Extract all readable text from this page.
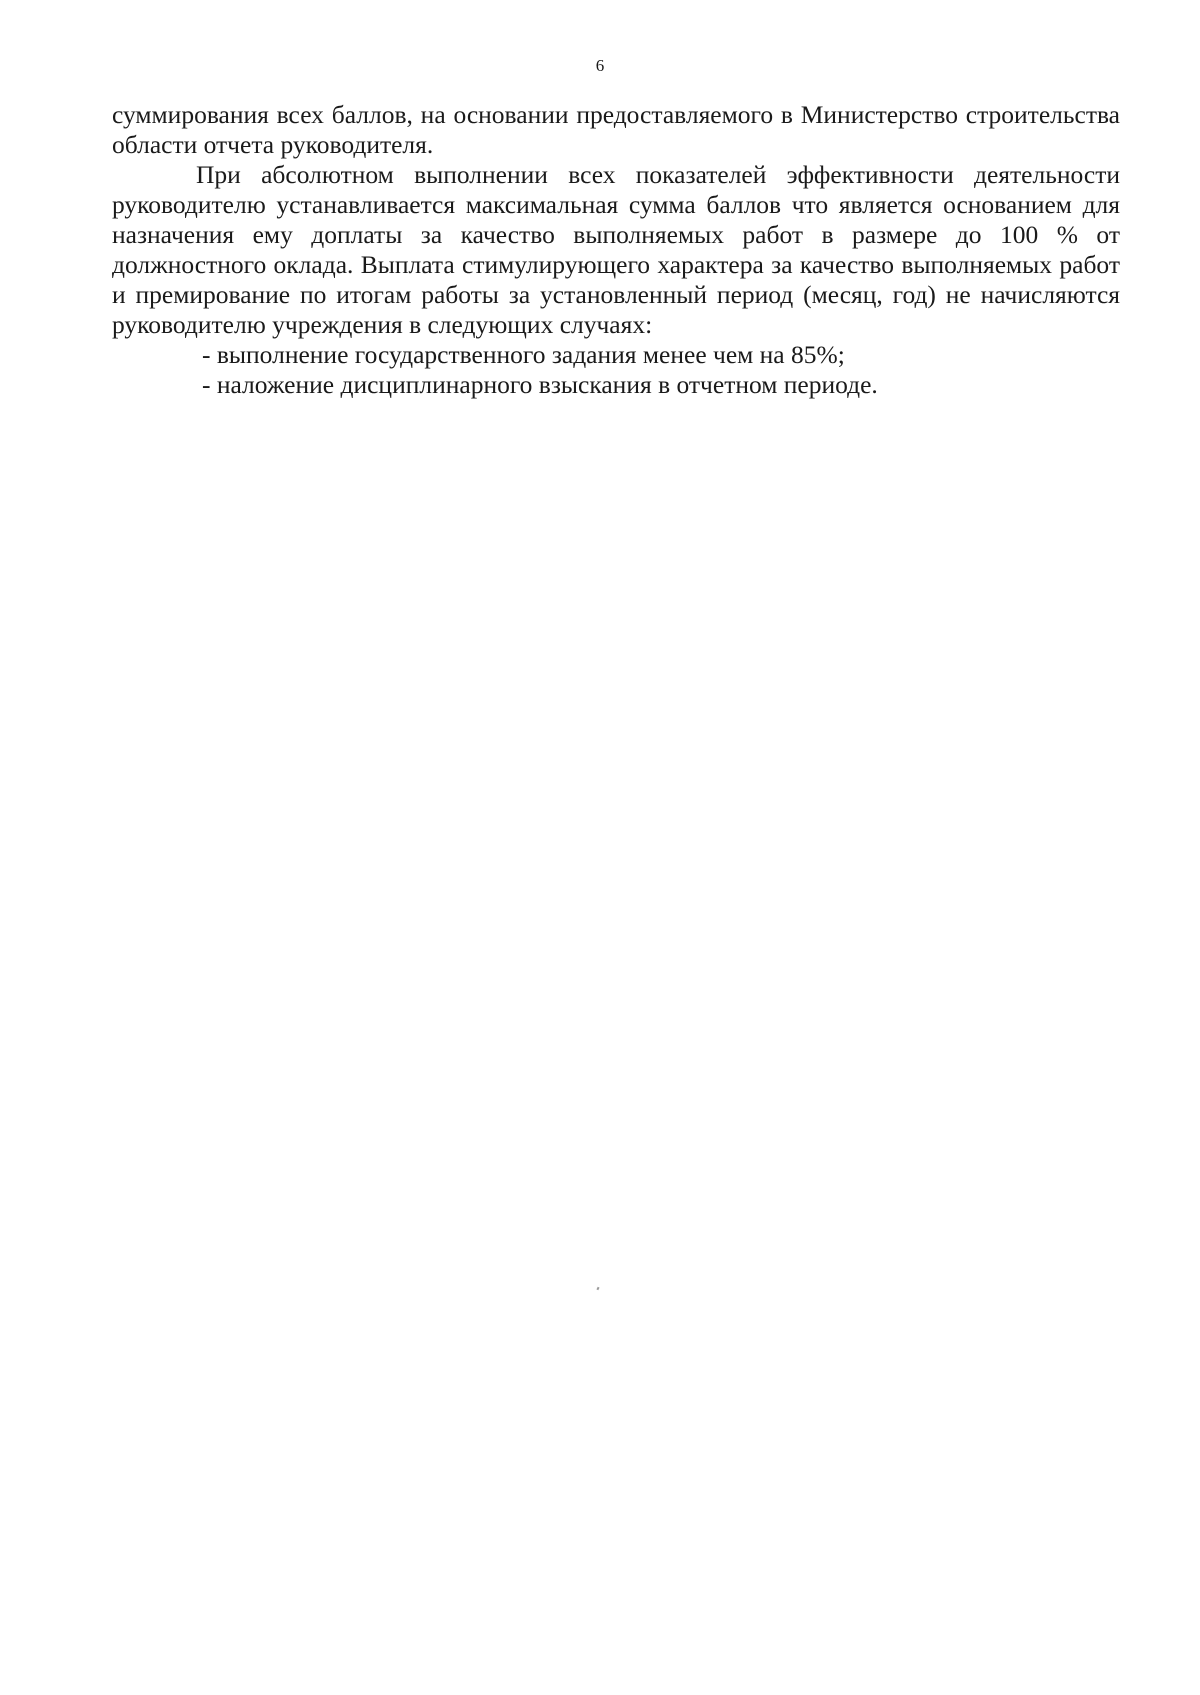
6

суммирования всех баллов, на основании предоставляемого в Министерство строительства области отчета руководителя.

При абсолютном выполнении всех показателей эффективности деятельности руководителю устанавливается максимальная сумма баллов что является основанием для назначения ему доплаты за качество выполняемых работ в размере до 100 % от должностного оклада. Выплата стимулирующего характера за качество выполняемых работ и премирование по итогам работы за установленный период (месяц, год) не начисляются руководителю учреждения в следующих случаях:

- выполнение государственного задания менее чем на 85%;
- наложение дисциплинарного взыскания в отчетном периоде.
